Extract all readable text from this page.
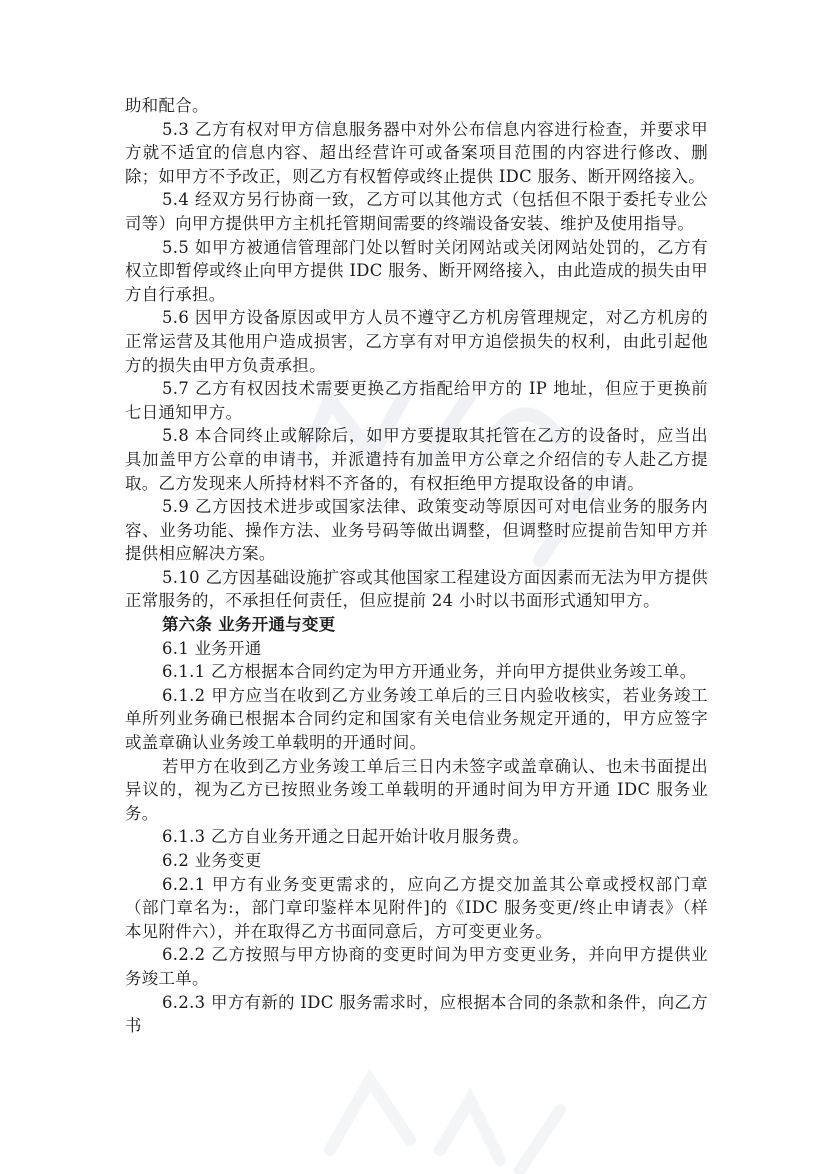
助和配合。

5.3 乙方有权对甲方信息服务器中对外公布信息内容进行检查，并要求甲方就不适宜的信息内容、超出经营许可或备案项目范围的内容进行修改、删除；如甲方不予改正，则乙方有权暂停或终止提供 IDC 服务、断开网络接入。

5.4 经双方另行协商一致，乙方可以其他方式（包括但不限于委托专业公司等）向甲方提供甲方主机托管期间需要的终端设备安装、维护及使用指导。

5.5 如甲方被通信管理部门处以暂时关闭网站或关闭网站处罚的，乙方有权立即暂停或终止向甲方提供 IDC 服务、断开网络接入，由此造成的损失由甲方自行承担。

5.6 因甲方设备原因或甲方人员不遵守乙方机房管理规定，对乙方机房的正常运营及其他用户造成损害，乙方享有对甲方追偿损失的权利，由此引起他方的损失由甲方负责承担。

5.7 乙方有权因技术需要更换乙方指配给甲方的 IP 地址，但应于更换前七日通知甲方。

5.8 本合同终止或解除后，如甲方要提取其托管在乙方的设备时，应当出具加盖甲方公章的申请书，并派遣持有加盖甲方公章之介绍信的专人赴乙方提取。乙方发现来人所持材料不齐备的，有权拒绝甲方提取设备的申请。

5.9 乙方因技术进步或国家法律、政策变动等原因可对电信业务的服务内容、业务功能、操作方法、业务号码等做出调整，但调整时应提前告知甲方并提供相应解决方案。

5.10 乙方因基础设施扩容或其他国家工程建设方面因素而无法为甲方提供正常服务的，不承担任何责任，但应提前 24 小时以书面形式通知甲方。

第六条 业务开通与变更

6.1 业务开通

6.1.1 乙方根据本合同约定为甲方开通业务，并向甲方提供业务竣工单。

6.1.2 甲方应当在收到乙方业务竣工单后的三日内验收核实，若业务竣工单所列业务确已根据本合同约定和国家有关电信业务规定开通的，甲方应签字或盖章确认业务竣工单载明的开通时间。

若甲方在收到乙方业务竣工单后三日内未签字或盖章确认、也未书面提出异议的，视为乙方已按照业务竣工单载明的开通时间为甲方开通 IDC 服务业务。

6.1.3 乙方自业务开通之日起开始计收月服务费。

6.2 业务变更

6.2.1 甲方有业务变更需求的，应向乙方提交加盖其公章或授权部门章（部门章名为:，部门章印鉴样本见附件]的《IDC 服务变更/终止申请表》（样本见附件六），并在取得乙方书面同意后，方可变更业务。

6.2.2 乙方按照与甲方协商的变更时间为甲方变更业务，并向甲方提供业务竣工单。

6.2.3 甲方有新的 IDC 服务需求时，应根据本合同的条款和条件，向乙方书
